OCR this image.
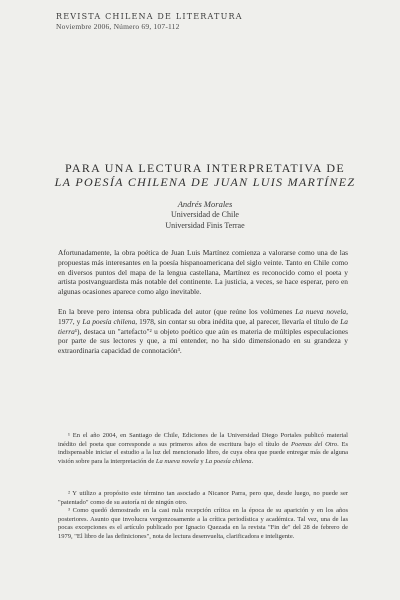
REVISTA CHILENA DE LITERATURA
Noviembre 2006, Número 69, 107-112
PARA UNA LECTURA INTERPRETATIVA DE
LA POESÍA CHILENA DE JUAN LUIS MARTÍNEZ
Andrés Morales
Universidad de Chile
Universidad Finis Terrae

Afortunadamente, la obra poética de Juan Luis Martínez comienza a valorarse como una de las propuestas más interesantes en la poesía hispanoamericana del siglo veinte. Tanto en Chile como en diversos puntos del mapa de la lengua castellana, Martínez es reconocido como el poeta y artista postvanguardista más notable del continente. La justicia, a veces, se hace esperar, pero en algunas ocasiones aparece como algo inevitable.

En la breve pero intensa obra publicada del autor (que reúne los volúmenes La nueva novela, 1977, y La poesía chilena, 1978, sin contar su obra inédita que, al parecer, llevaría el título de La tierra¹), destaca un "artefacto"² u objeto poético que aún es materia de múltiples especulaciones por parte de sus lectores y que, a mi entender, no ha sido dimensionado en su grandeza y extraordinaria capacidad de connotación³.

¹ En el año 2004, en Santiago de Chile, Ediciones de la Universidad Diego Portales publicó material inédito del poeta que corresponde a sus primeros años de escritura bajo el título de Poemas del Otro. Es indispensable iniciar el estudio a la luz del mencionado libro, de cuya obra que puede entregar más de alguna visión sobre para la interpretación de La nueva novela y La poesía chilena.

² Y utilizo a propósito este término tan asociado a Nicanor Parra, pero que, desde luego, no puede ser "patentado" como de su autoría ni de ningún otro.

³ Como quedó demostrado en la casi nula recepción crítica en la época de su aparición y en los años posteriores. Asunto que involucra vergonzosamente a la crítica periodística y académica. Tal vez, una de las pocas excepciones es el artículo publicado por Ignacio Quezada en la revista "Fin de" del 28 de febrero de 1979, "El libro de las definiciones", nota de lectura desenvuelta, clarificadora e inteligente.
